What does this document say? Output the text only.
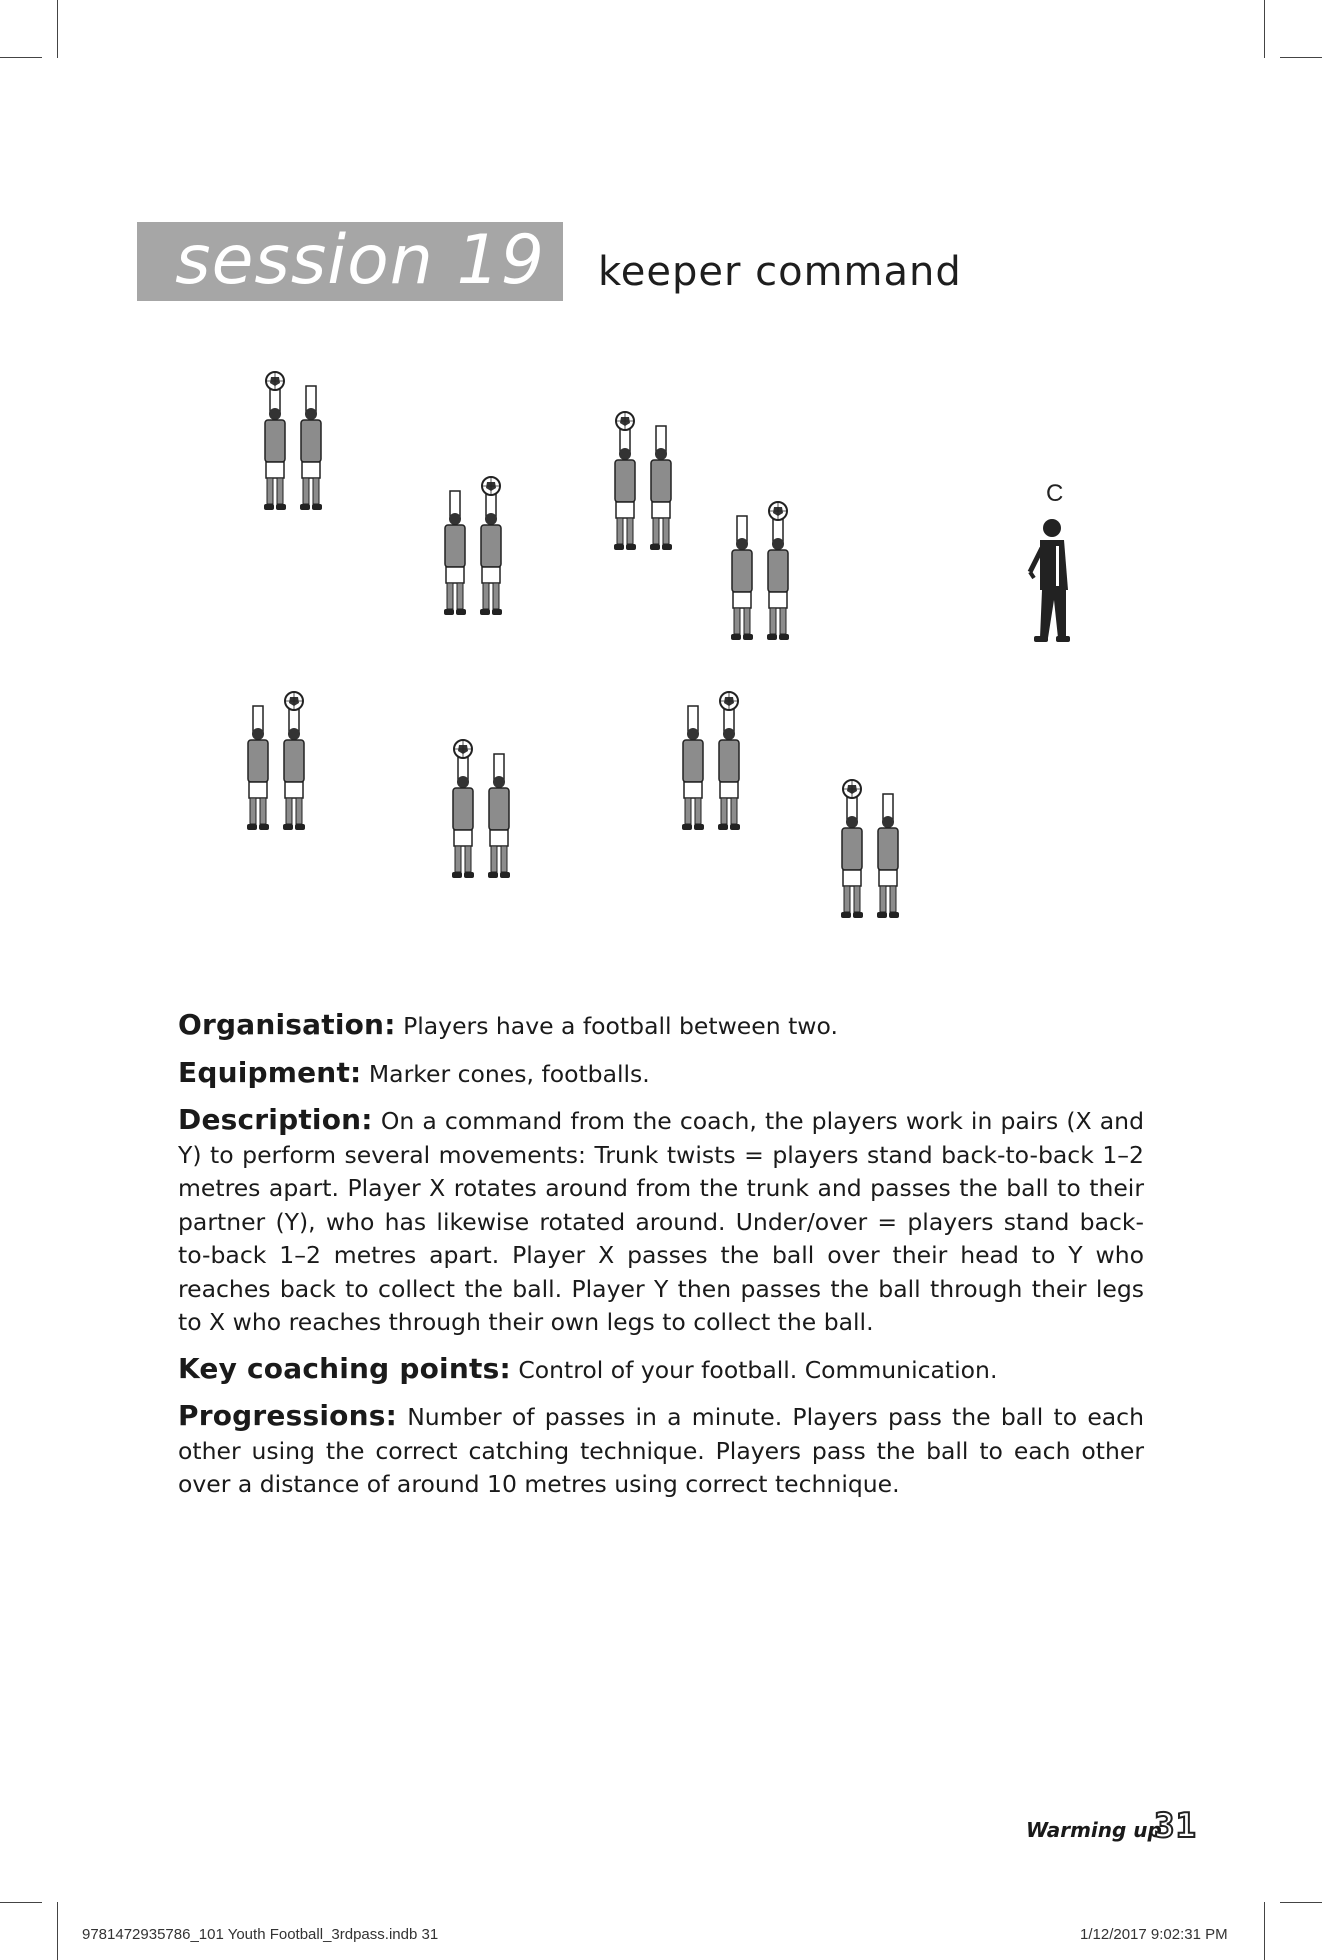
session 19 keeper command
C

Organisation: Players have a football between two.

Equipment: Marker cones, footballs.

Description: On a command from the coach, the players work in pairs (X and Y) to perform several movements: Trunk twists = players stand back-to-back 1–2 metres apart. Player X rotates around from the trunk and passes the ball to their partner (Y), who has likewise rotated around. Under/over = players stand back-to-back 1–2 metres apart. Player X passes the ball over their head to Y who reaches back to collect the ball. Player Y then passes the ball through their legs to X who reaches through their own legs to collect the ball.

Key coaching points: Control of your football. Communication.

Progressions: Number of passes in a minute. Players pass the ball to each other using the correct catching technique. Players pass the ball to each other over a distance of around 10 metres using correct technique.

Warming up
31
9781472935786_101 Youth Football_3rdpass.indb 31	1/12/2017 9:02:31 PM
